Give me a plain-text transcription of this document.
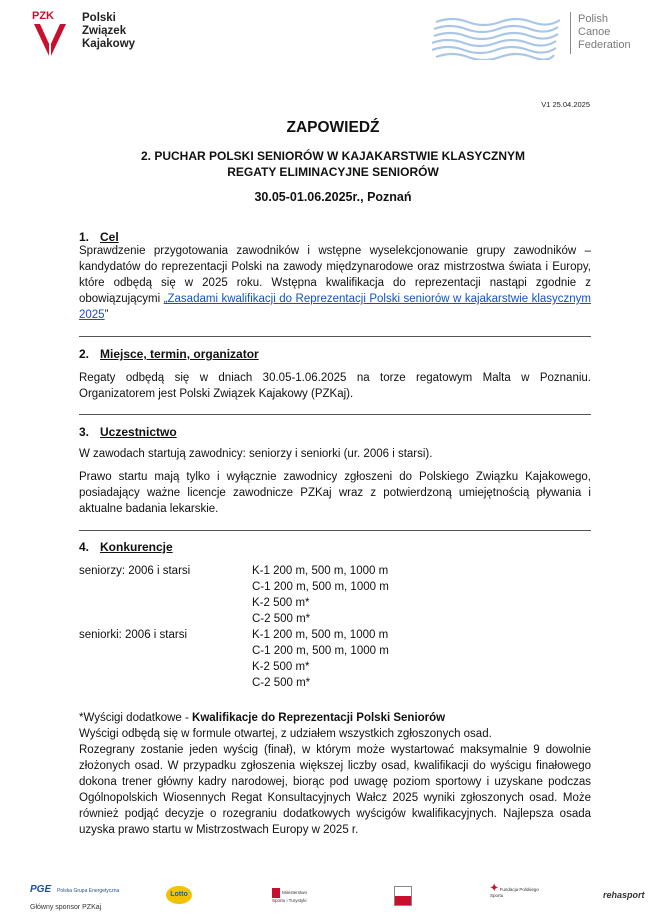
PZK Polski
Związek
Kajakowy
Polish
Canoe
Federation
V1 25.04.2025
ZAPOWIEDŹ
2. PUCHAR POLSKI SENIORÓW W KAJAKARSTWIE KLASYCZNYM
REGATY ELIMINACYJNE SENIORÓW
30.05-01.06.2025r., Poznań
1. Cel
Sprawdzenie przygotowania zawodników i wstępne wyselekcjonowanie grupy zawodników – kandydatów do reprezentacji Polski na zawody międzynarodowe oraz mistrzostwa świata i Europy, które odbędą się w 2025 roku. Wstępna kwalifikacja do reprezentacji nastąpi zgodnie z obowiązującymi „Zasadami kwalifikacji do Reprezentacji Polski seniorów w kajakarstwie klasycznym 2025”
2. Miejsce, termin, organizator
Regaty odbędą się w dniach 30.05-1.06.2025 na torze regatowym Malta w Poznaniu. Organizatorem jest Polski Związek Kajakowy (PZKaj).
3. Uczestnictwo
W zawodach startują zawodnicy: seniorzy i seniorki (ur. 2006 i starsi).
Prawo startu mają tylko i wyłącznie zawodnicy zgłoszeni do Polskiego Związku Kajakowego, posiadający ważne licencje zawodnicze PZKaj wraz z potwierdzoną umiejętnością pływania i aktualne badania lekarskie.
4. Konkurencje
seniorzy: 2006 i starsi	K-1 200 m, 500 m, 1000 m
C-1 200 m, 500 m, 1000 m
K-2 500 m*
C-2 500 m*
seniorki: 2006 i starsi	K-1 200 m, 500 m, 1000 m
C-1 200 m, 500 m, 1000 m
K-2 500 m*
C-2 500 m*
*Wyścigi dodatkowe - Kwalifikacje do Reprezentacji Polski Seniorów
Wyścigi odbędą się w formule otwartej, z udziałem wszystkich zgłoszonych osad.
Rozegrany zostanie jeden wyścig (finał), w którym może wystartować maksymalnie 9 dowolnie złożonych osad. W przypadku zgłoszenia większej liczby osad, kwalifikacji do wyścigu finałowego dokona trener główny kadry narodowej, biorąc pod uwagę poziom sportowy i uzyskane podczas Ogólnopolskich Wiosennych Regat Konsultacyjnych Wałcz 2025 wyniki zgłoszonych osad. Może również podjąć decyzje o rozegraniu dodatkowych wyścigów kwalifikacyjnych. Najlepsza osada uzyska prawo startu w Mistrzostwach Europy w 2025 r.
PGE Polska Grupa Energetyczna
Główny sponsor PZKaj
Lotto	Ministerstwo Sportu i Turystyki
✦ Fundacja Polskiego Sportu	rehasport
